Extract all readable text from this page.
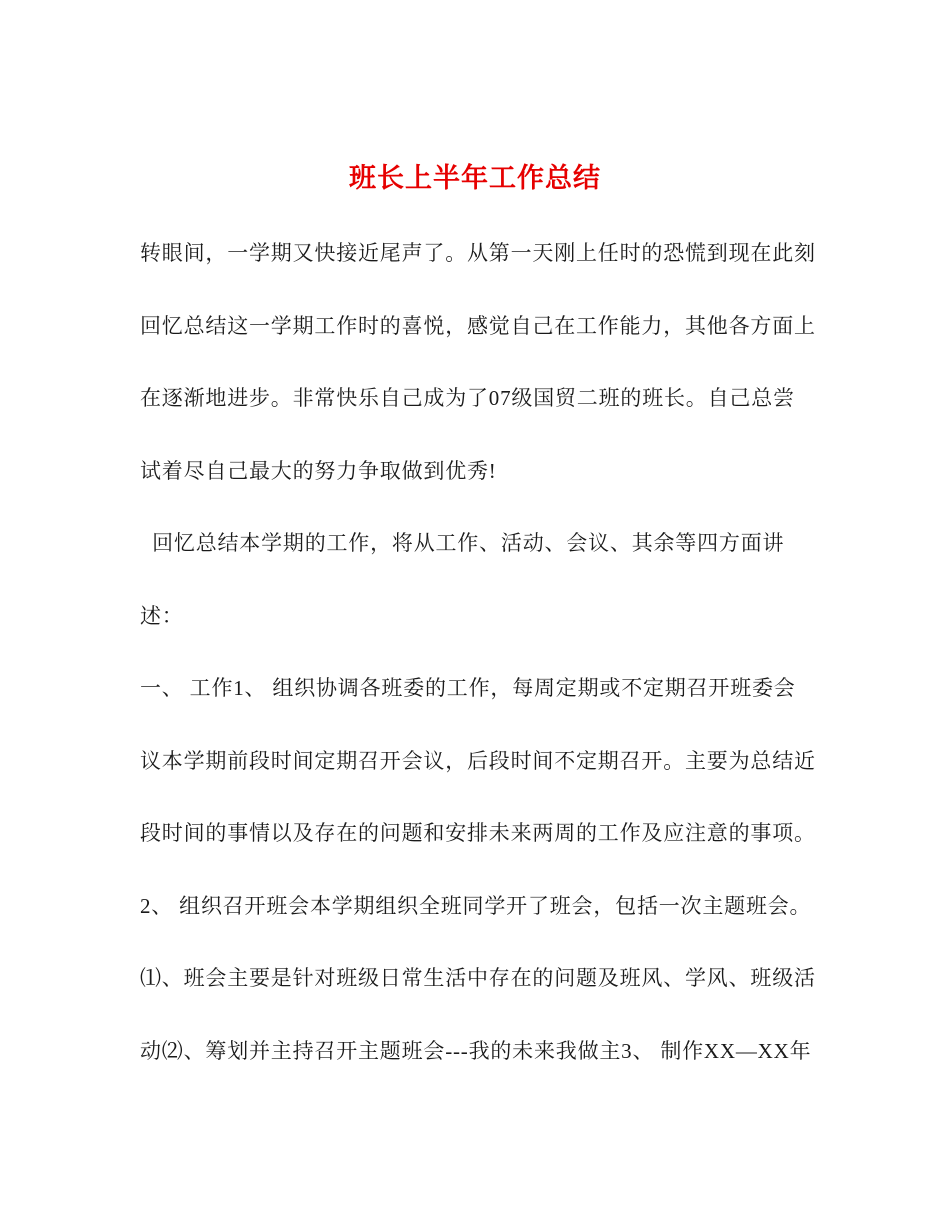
班长上半年工作总结
转眼间，一学期又快接近尾声了。从第一天刚上任时的恐慌到现在此刻
回忆总结这一学期工作时的喜悦，感觉自己在工作能力，其他各方面上
在逐渐地进步。非常快乐自己成为了07级国贸二班的班长。自己总尝
试着尽自己最大的努力争取做到优秀!
回忆总结本学期的工作，将从工作、活动、会议、其余等四方面讲
述：
一、 工作1、 组织协调各班委的工作，每周定期或不定期召开班委会
议本学期前段时间定期召开会议，后段时间不定期召开。主要为总结近
段时间的事情以及存在的问题和安排未来两周的工作及应注意的事项。
2、 组织召开班会本学期组织全班同学开了班会，包括一次主题班会。
⑴、班会主要是针对班级日常生活中存在的问题及班风、学风、班级活
动⑵、筹划并主持召开主题班会---我的未来我做主3、 制作XX—XX年
